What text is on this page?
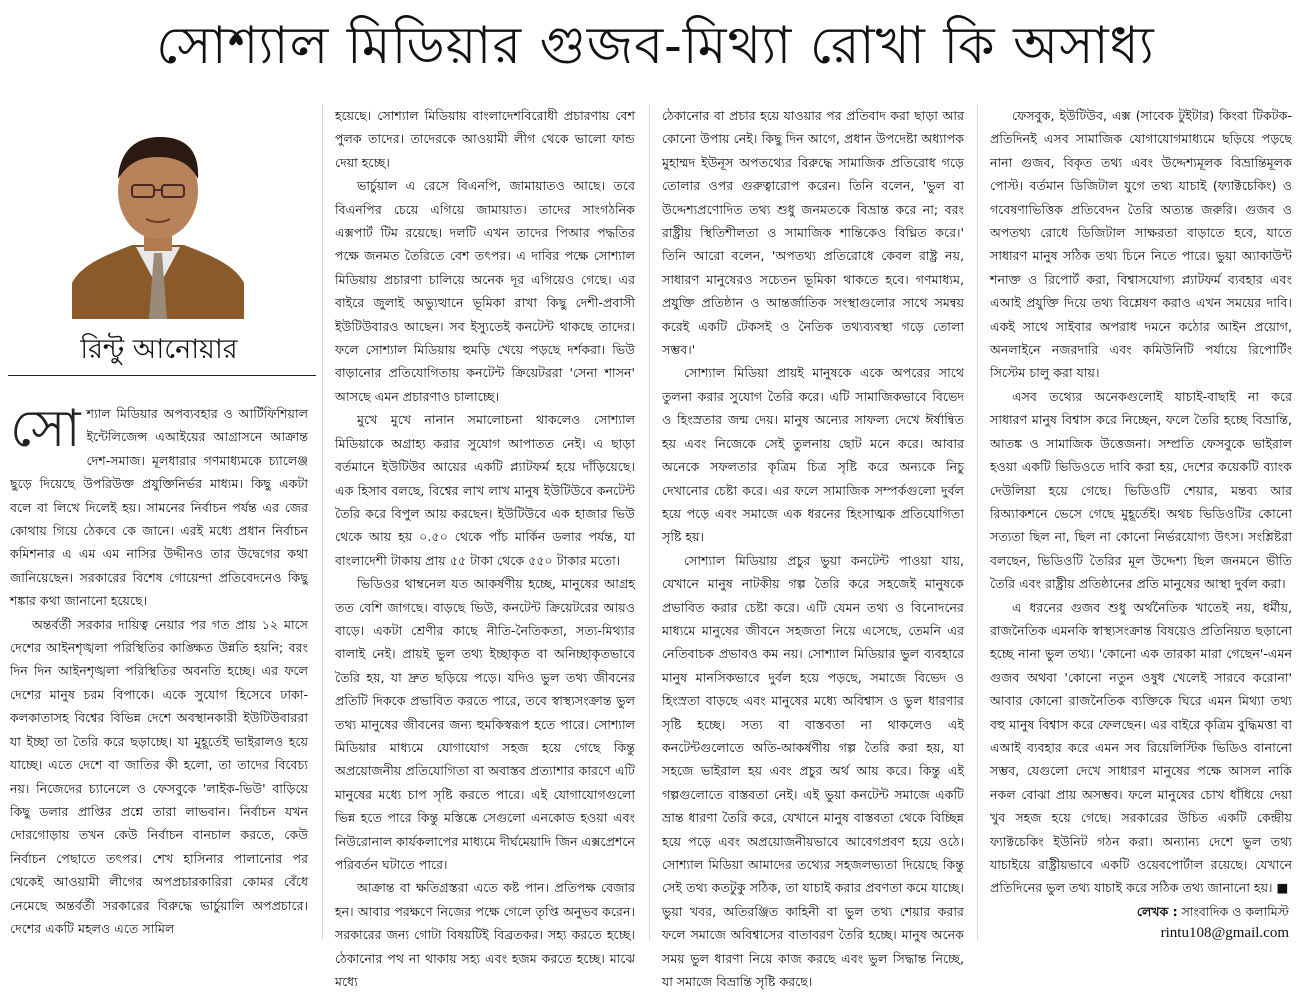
সোশ্যাল মিডিয়ার গুজব-মিথ্যা রোখা কি অসাধ্য
রিন্টু আনোয়ার

সোশ্যাল মিডিয়ার অপব্যবহার ও আর্টিফিশিয়াল ইন্টেলিজেন্স এআইয়ের আগ্রাসনে আক্রান্ত দেশ-সমাজ। মূলধারার গণমাধ্যমকে চ্যালেঞ্জ ছুড়ে দিয়েছে উপরিউক্ত প্রযুক্তিনির্ভর মাধ্যম। কিছু একটা বলে বা লিখে দিলেই হয়। সামনের নির্বাচন পর্যন্ত এর জের কোথায় গিয়ে ঠেকবে কে জানে। এরই মধ্যে প্রধান নির্বাচন কমিশনার এ এম এম নাসির উদ্দীনও তার উদ্বেগের কথা জানিয়েছেন। সরকারের বিশেষ গোয়েন্দা প্রতিবেদনেও কিছু শঙ্কার কথা জানানো হয়েছে।

অন্তর্বর্তী সরকার দায়িত্ব নেয়ার পর গত প্রায় ১২ মাসে দেশের আইনশৃঙ্খলা পরিস্থিতির কাঙ্ক্ষিত উন্নতি হয়নি; বরং দিন দিন আইনশৃঙ্খলা পরিস্থিতির অবনতি হচ্ছে। এর ফলে দেশের মানুষ চরম বিপাকে। একে সুযোগ হিসেবে ঢাকা-কলকাতাসহ বিশ্বের বিভিন্ন দেশে অবস্থানকারী ইউটিউবাররা যা ইচ্ছা তা তৈরি করে ছড়াচ্ছে। যা মুহূর্তেই ভাইরালও হয়ে যাচ্ছে। এতে দেশে বা জাতির কী হলো, তা তাদের বিবেচ্য নয়। নিজেদের চ্যানেলে ও ফেসবুকে 'লাইক-ভিউ' বাড়িয়ে কিছু ডলার প্রাপ্তির প্রশ্নে তারা লাভবান। নির্বাচন যখন দোরগোড়ায় তখন কেউ নির্বাচন বানচাল করতে, কেউ নির্বাচন পেছাতে তৎপর। শেখ হাসিনার পালানোর পর থেকেই আওয়ামী লীগের অপপ্রচারকারিরা কোমর বেঁধে নেমেছে অন্তর্বর্তী সরকারের বিরুদ্ধে ভার্চুয়ালি অপপ্রচারে। দেশের একটি মহলও এতে সামিল

হয়েছে। সোশ্যাল মিডিয়ায় বাংলাদেশবিরোধী প্রচারণায় বেশ পুলক তাদের। তাদেরকে আওয়ামী লীগ থেকে ভালো ফান্ড দেয়া হচ্ছে।

ভার্চুয়াল এ রেসে বিএনপি, জামায়াতও আছে। তবে বিএনপির চেয়ে এগিয়ে জামায়াত। তাদের সাংগঠনিক এক্সপার্ট টিম রয়েছে। দলটি এখন তাদের পিআর পদ্ধতির পক্ষে জনমত তৈরিতে বেশ তৎপর। এ দাবির পক্ষে সোশ্যাল মিডিয়ায় প্রচারণা চালিয়ে অনেক দূর এগিয়েও গেছে। এর বাইরে জুলাই অভ্যুত্থানে ভূমিকা রাখা কিছু দেশী-প্রবাসী ইউটিউবারও আছেন। সব ইস্যুতেই কনটেন্ট থাকছে তাদের। ফলে সোশ্যাল মিডিয়ায় হুমড়ি খেয়ে পড়ছে দর্শকরা। ভিউ বাড়ানোর প্রতিযোগিতায় কনটেন্ট ক্রিয়েটররা 'সেনা শাসন' আসছে এমন প্রচারণাও চালাচ্ছে।

মুখে মুখে নানান সমালোচনা থাকলেও সোশ্যাল মিডিয়াকে অগ্রাহ্য করার সুযোগ আপাতত নেই। এ ছাড়া বর্তমানে ইউটিউব আয়ের একটি প্ল্যাটফর্ম হয়ে দাঁড়িয়েছে। এক হিসাব বলছে, বিশ্বের লাখ লাখ মানুষ ইউটিউবে কনটেন্ট তৈরি করে বিপুল আয় করছেন। ইউটিউবে এক হাজার ভিউ থেকে আয় হয় ০.৫০ থেকে পাঁচ মার্কিন ডলার পর্যন্ত, যা বাংলাদেশী টাকায় প্রায় ৫৫ টাকা থেকে ৫৫০ টাকার মতো।

ভিডিওর থাম্বনেল যত আকর্ষণীয় হচ্ছে, মানুষের আগ্রহ তত বেশি জাগছে। বাড়ছে ভিউ, কনটেন্ট ক্রিয়েটরের আয়ও বাড়ে। একটা শ্রেণীর কাছে নীতি-নৈতিকতা, সত্য-মিথ্যার বালাই নেই। প্রায়ই ভুল তথ্য ইচ্ছাকৃত বা অনিচ্ছাকৃতভাবে তৈরি হয়, যা দ্রুত ছড়িয়ে পড়ে। যদিও ভুল তথ্য জীবনের প্রতিটি দিককে প্রভাবিত করতে পারে, তবে স্বাস্থ্যসংক্রান্ত ভুল তথ্য মানুষের জীবনের জন্য হুমকিস্বরূপ হতে পারে। সোশ্যাল মিডিয়ার মাধ্যমে যোগাযোগ সহজ হয়ে গেছে কিন্তু অপ্রয়োজনীয় প্রতিযোগিতা বা অবাস্তব প্রত্যাশার কারণে এটি মানুষের মধ্যে চাপ সৃষ্টি করতে পারে। এই যোগাযোগগুলো ভিন্ন হতে পারে কিন্তু মস্তিষ্কে সেগুলো এনকোড হওয়া এবং নিউরোনাল কার্যকলাপের মাধ্যমে দীর্ঘমেয়াদি জিন এক্সপ্রেশনে পরিবর্তন ঘটাতে পারে।

আক্রান্ত বা ক্ষতিগ্রস্তরা এতে কষ্ট পান। প্রতিপক্ষ বেজার হন। আবার পরক্ষণে নিজের পক্ষে গেলে তৃপ্তি অনুভব করেন। সরকারের জন্য গোটা বিষয়টিই বিব্রতকর। সহ্য করতে হচ্ছে। ঠেকানোর পথ না থাকায় সহ্য এবং হজম করতে হচ্ছে। মাঝে মধ্যে

ঠেকানোর বা প্রচার হয়ে যাওয়ার পর প্রতিবাদ করা ছাড়া আর কোনো উপায় নেই। কিছু দিন আগে, প্রধান উপদেষ্টা অধ্যাপক মুহাম্মদ ইউনূস অপতথ্যের বিরুদ্ধে সামাজিক প্রতিরোধ গড়ে তোলার ওপর গুরুত্বারোপ করেন। তিনি বলেন, 'ভুল বা উদ্দেশ্যপ্রণোদিত তথ্য শুধু জনমতকে বিভ্রান্ত করে না; বরং রাষ্ট্রীয় স্থিতিশীলতা ও সামাজিক শান্তিকেও বিঘ্নিত করে।' তিনি আরো বলেন, 'অপতথ্য প্রতিরোধে কেবল রাষ্ট্র নয়, সাধারণ মানুষেরও সচেতন ভূমিকা থাকতে হবে। গণমাধ্যম, প্রযুক্তি প্রতিষ্ঠান ও আন্তর্জাতিক সংস্থাগুলোর সাথে সমন্বয় করেই একটি টেকসই ও নৈতিক তথ্যব্যবস্থা গড়ে তোলা সম্ভব।'

সোশ্যাল মিডিয়া প্রায়ই মানুষকে একে অপরের সাথে তুলনা করার সুযোগ তৈরি করে। এটি সামাজিকভাবে বিভেদ ও হিংস্রতার জন্ম দেয়। মানুষ অন্যের সাফল্য দেখে ঈর্ষান্বিত হয় এবং নিজেকে সেই তুলনায় ছোট মনে করে। আবার অনেকে সফলতার কৃত্রিম চিত্র সৃষ্টি করে অন্যকে নিচু দেখানোর চেষ্টা করে। এর ফলে সামাজিক সম্পর্কগুলো দুর্বল হয়ে পড়ে এবং সমাজে এক ধরনের হিংসাত্মক প্রতিযোগিতা সৃষ্টি হয়।

সোশ্যাল মিডিয়ায় প্রচুর ভুয়া কনটেন্ট পাওয়া যায়, যেখানে মানুষ নাটকীয় গল্প তৈরি করে সহজেই মানুষকে প্রভাবিত করার চেষ্টা করে। এটি যেমন তথ্য ও বিনোদনের মাধ্যমে মানুষের জীবনে সহজতা নিয়ে এসেছে, তেমনি এর নেতিবাচক প্রভাবও কম নয়। সোশ্যাল মিডিয়ার ভুল ব্যবহারে মানুষ মানসিকভাবে দুর্বল হয়ে পড়ছে, সমাজে বিভেদ ও হিংস্রতা বাড়ছে এবং মানুষের মধ্যে অবিশ্বাস ও ভুল ধারণার সৃষ্টি হচ্ছে। সত্য বা বাস্তবতা না থাকলেও এই কনটেন্টগুলোতে অতি-আকর্ষণীয় গল্প তৈরি করা হয়, যা সহজে ভাইরাল হয় এবং প্রচুর অর্থ আয় করে। কিন্তু এই গল্পগুলোতে বাস্তবতা নেই। এই ভুয়া কনটেন্ট সমাজে একটি ভ্রান্ত ধারণা তৈরি করে, যেখানে মানুষ বাস্তবতা থেকে বিচ্ছিন্ন হয়ে পড়ে এবং অপ্রয়োজনীয়ভাবে আবেগপ্রবণ হয়ে ওঠে। সোশ্যাল মিডিয়া আমাদের তথ্যের সহজলভ্যতা দিয়েছে কিন্তু সেই তথ্য কতটুকু সঠিক, তা যাচাই করার প্রবণতা কমে যাচ্ছে। ভুয়া খবর, অতিরঞ্জিত কাহিনী বা ভুল তথ্য শেয়ার করার ফলে সমাজে অবিশ্বাসের বাতাবরণ তৈরি হচ্ছে। মানুষ অনেক সময় ভুল ধারণা নিয়ে কাজ করছে এবং ভুল সিদ্ধান্ত নিচ্ছে, যা সমাজে বিভ্রান্তি সৃষ্টি করছে।

ফেসবুক, ইউটিউব, এক্স (সাবেক টুইটার) কিংবা টিকটক- প্রতিদিনই এসব সামাজিক যোগাযোগমাধ্যমে ছড়িয়ে পড়ছে নানা গুজব, বিকৃত তথ্য এবং উদ্দেশ্যমূলক বিভ্রান্তিমূলক পোস্ট। বর্তমান ডিজিটাল যুগে তথ্য যাচাই (ফ্যাক্টচেকিং) ও গবেষণাভিত্তিক প্রতিবেদন তৈরি অত্যন্ত জরুরি। গুজব ও অপতথ্য রোধে ডিজিটাল সাক্ষরতা বাড়াতে হবে, যাতে সাধারণ মানুষ সঠিক তথ্য চিনে নিতে পারে। ভুয়া অ্যাকাউন্ট শনাক্ত ও রিপোর্ট করা, বিশ্বাসযোগ্য প্ল্যাটফর্ম ব্যবহার এবং এআই প্রযুক্তি দিয়ে তথ্য বিশ্লেষণ করাও এখন সময়ের দাবি। একই সাথে সাইবার অপরাধ দমনে কঠোর আইন প্রয়োগ, অনলাইনে নজরদারি এবং কমিউনিটি পর্যায়ে রিপোর্টিং সিস্টেম চালু করা যায়।

এসব তথ্যের অনেকগুলোই যাচাই-বাছাই না করে সাধারণ মানুষ বিশ্বাস করে নিচ্ছেন, ফলে তৈরি হচ্ছে বিভ্রান্তি, আতঙ্ক ও সামাজিক উত্তেজনা। সম্প্রতি ফেসবুকে ভাইরাল হওয়া একটি ভিডিওতে দাবি করা হয়, দেশের কয়েকটি ব্যাংক দেউলিয়া হয়ে গেছে। ভিডিওটি শেয়ার, মন্তব্য আর রিঅ্যাকশনে ভেসে গেছে মুহূর্তেই। অথচ ভিডিওটির কোনো সত্যতা ছিল না, ছিল না কোনো নির্ভরযোগ্য উৎস। সংশ্লিষ্টরা বলছেন, ভিডিওটি তৈরির মূল উদ্দেশ্য ছিল জনমনে ভীতি তৈরি এবং রাষ্ট্রীয় প্রতিষ্ঠানের প্রতি মানুষের আস্থা দুর্বল করা।

এ ধরনের গুজব শুধু অর্থনৈতিক খাতেই নয়, ধর্মীয়, রাজনৈতিক এমনকি স্বাস্থ্যসংক্রান্ত বিষয়েও প্রতিনিয়ত ছড়ানো হচ্ছে নানা ভুল তথ্য। 'কোনো এক তারকা মারা গেছেন'-এমন গুজব অথবা 'কোনো নতুন ওষুধ খেলেই সারবে করোনা' আবার কোনো রাজনৈতিক ব্যক্তিকে ঘিরে এমন মিথ্যা তথ্য বহু মানুষ বিশ্বাস করে ফেলছেন। এর বাইরে কৃত্রিম বুদ্ধিমত্তা বা এআই ব্যবহার করে এমন সব রিয়েলিস্টিক ভিডিও বানানো সম্ভব, যেগুলো দেখে সাধারণ মানুষের পক্ষে আসল নাকি নকল বোঝা প্রায় অসম্ভব। ফলে মানুষের চোখ ধাঁধিয়ে দেয়া খুব সহজ হয়ে গেছে। সরকারের উচিত একটি কেন্দ্রীয় ফ্যাক্টচেকিং ইউনিট গঠন করা। অন্যান্য দেশে ভুল তথ্য যাচাইয়ে রাষ্ট্রীয়ভাবে একটি ওয়েবপোর্টাল রয়েছে। যেখানে প্রতিদিনের ভুল তথ্য যাচাই করে সঠিক তথ্য জানানো হয়। ■

লেখক : সাংবাদিক ও কলামিস্ট
rintu108@gmail.com
